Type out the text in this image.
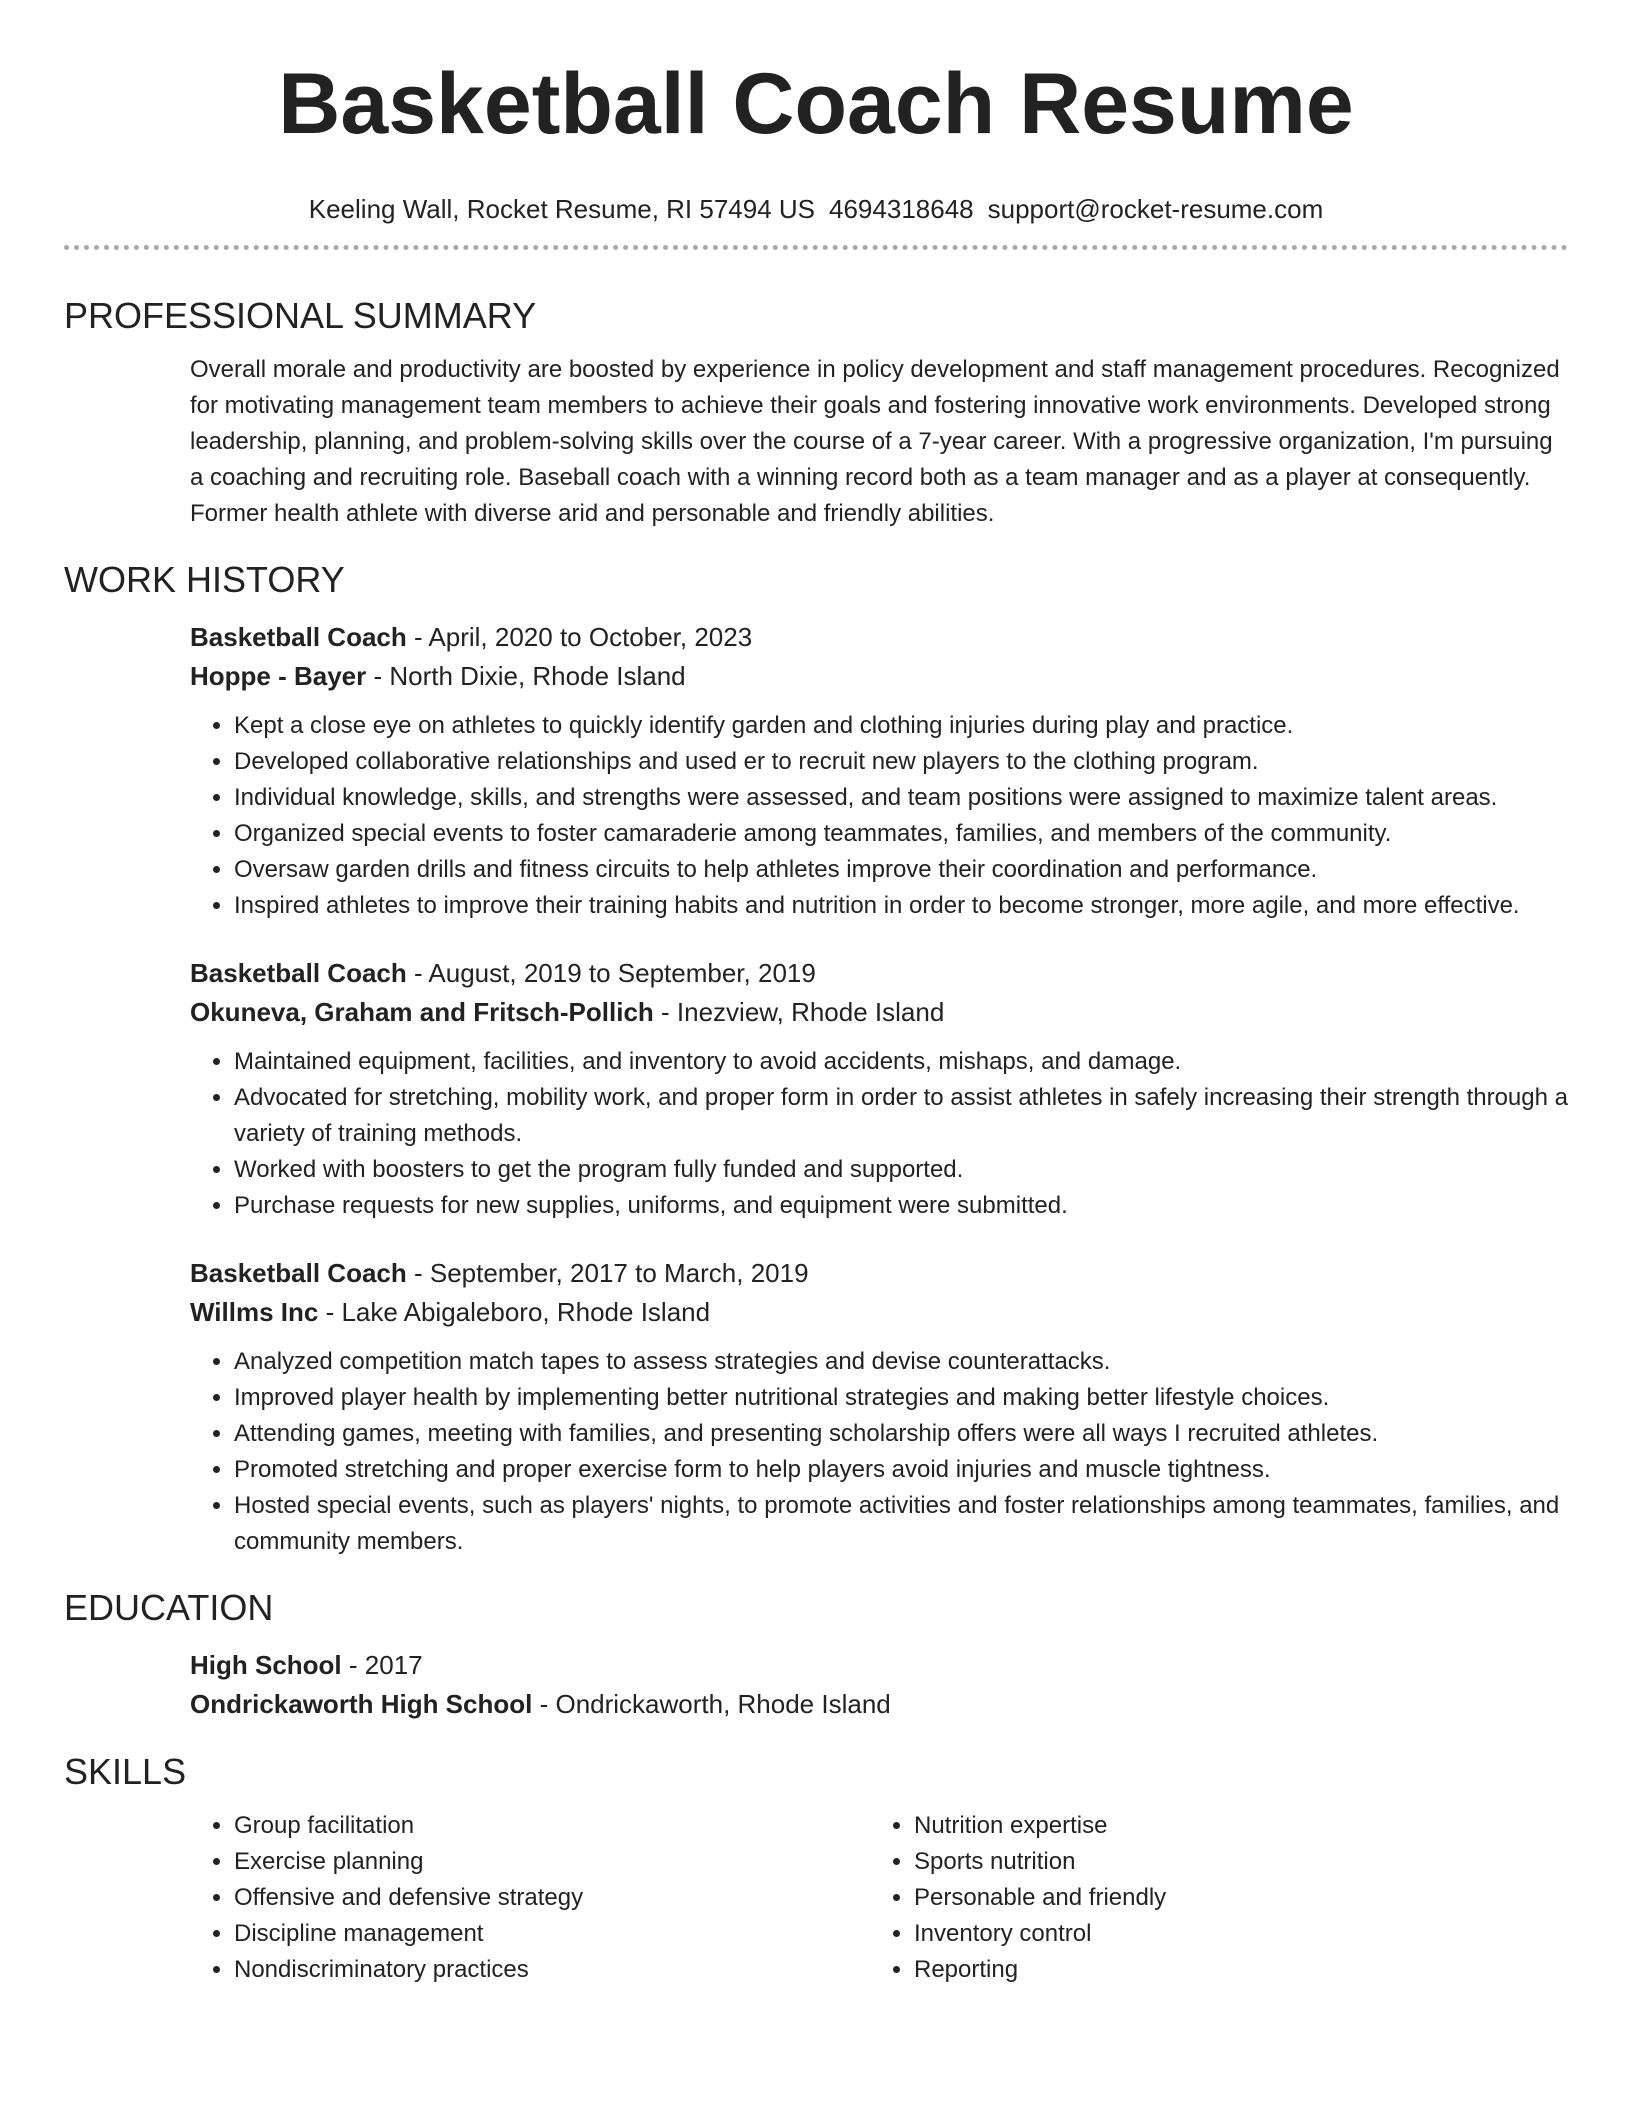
Basketball Coach Resume
Keeling Wall, Rocket Resume, RI 57494 US 4694318648 support@rocket-resume.com
PROFESSIONAL SUMMARY

Overall morale and productivity are boosted by experience in policy development and staff management procedures. Recognized for motivating management team members to achieve their goals and fostering innovative work environments. Developed strong leadership, planning, and problem-solving skills over the course of a 7-year career. With a progressive organization, I'm pursuing a coaching and recruiting role. Baseball coach with a winning record both as a team manager and as a player at consequently. Former health athlete with diverse arid and personable and friendly abilities.

WORK HISTORY

Basketball Coach - April, 2020 to October, 2023

Hoppe - Bayer - North Dixie, Rhode Island

• Kept a close eye on athletes to quickly identify garden and clothing injuries during play and practice.
• Developed collaborative relationships and used er to recruit new players to the clothing program.
• Individual knowledge, skills, and strengths were assessed, and team positions were assigned to maximize talent areas.
• Organized special events to foster camaraderie among teammates, families, and members of the community.
• Oversaw garden drills and fitness circuits to help athletes improve their coordination and performance.
• Inspired athletes to improve their training habits and nutrition in order to become stronger, more agile, and more effective.

Basketball Coach - August, 2019 to September, 2019

Okuneva, Graham and Fritsch-Pollich - Inezview, Rhode Island

• Maintained equipment, facilities, and inventory to avoid accidents, mishaps, and damage.
• Advocated for stretching, mobility work, and proper form in order to assist athletes in safely increasing their strength through a variety of training methods.
• Worked with boosters to get the program fully funded and supported.
• Purchase requests for new supplies, uniforms, and equipment were submitted.

Basketball Coach - September, 2017 to March, 2019

Willms Inc - Lake Abigaleboro, Rhode Island

• Analyzed competition match tapes to assess strategies and devise counterattacks.
• Improved player health by implementing better nutritional strategies and making better lifestyle choices.
• Attending games, meeting with families, and presenting scholarship offers were all ways I recruited athletes.
• Promoted stretching and proper exercise form to help players avoid injuries and muscle tightness.
• Hosted special events, such as players' nights, to promote activities and foster relationships among teammates, families, and community members.
EDUCATION

High School - 2017

Ondrickaworth High School - Ondrickaworth, Rhode Island

SKILLS
• Group facilitation
• Exercise planning
• Offensive and defensive strategy
• Discipline management
• Nondiscriminatory practices
• Nutrition expertise
• Sports nutrition
• Personable and friendly
• Inventory control
• Reporting
